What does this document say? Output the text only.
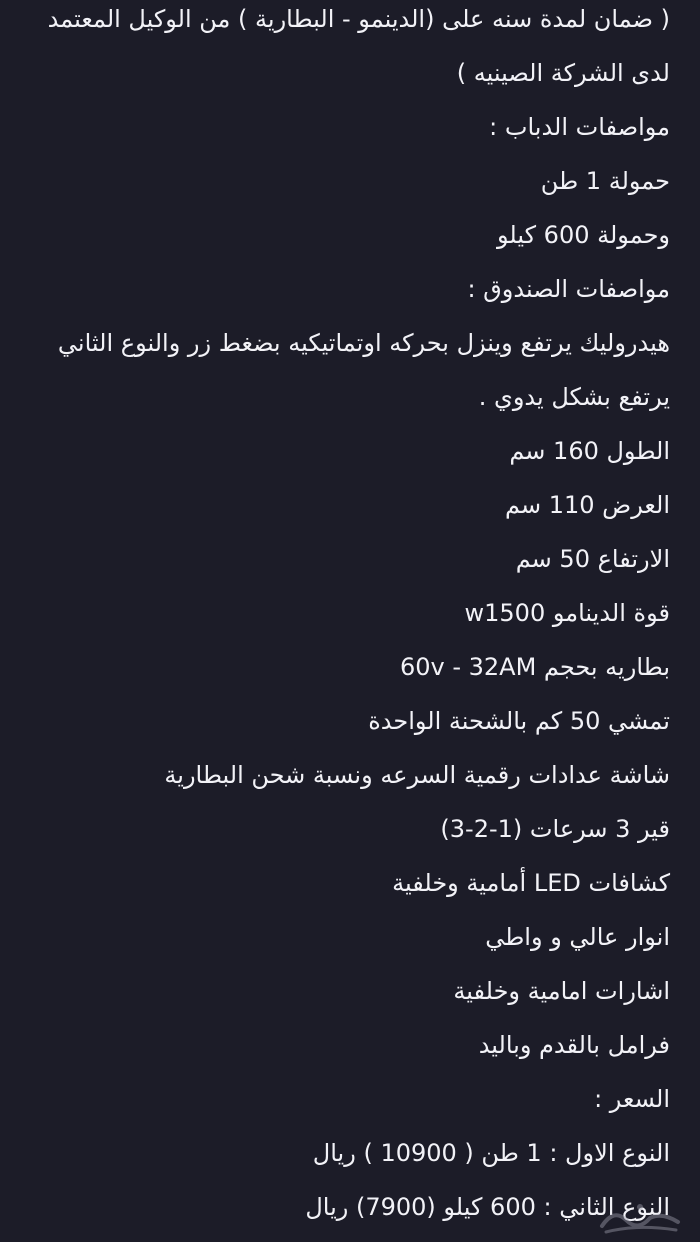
( ضمان لمدة سنه على (الدينمو - البطارية ) من الوكيل المعتمد
لدى الشركة الصينيه )
مواصفات الدباب :
حمولة 1 طن
وحمولة 600 كيلو
مواصفات الصندوق :
هيدروليك يرتفع وينزل بحركه اوتماتيكيه بضغط زر والنوع الثاني
يرتفع بشكل يدوي .
الطول 160 سم
العرض 110 سم
الارتفاع 50 سم
قوة الدينامو w1500
بطاريه بحجم 60v - 32AM
تمشي 50 كم بالشحنة الواحدة
شاشة عدادات رقمية السرعه ونسبة شحن البطارية
قير 3 سرعات (1-2-3)
كشافات LED أمامية وخلفية
انوار عالي و واطي
اشارات امامية وخلفية
فرامل بالقدم وباليد
السعر :
النوع الاول : 1 طن ( 10900 ) ريال
النوع الثاني : 600 كيلو (7900) ريال
